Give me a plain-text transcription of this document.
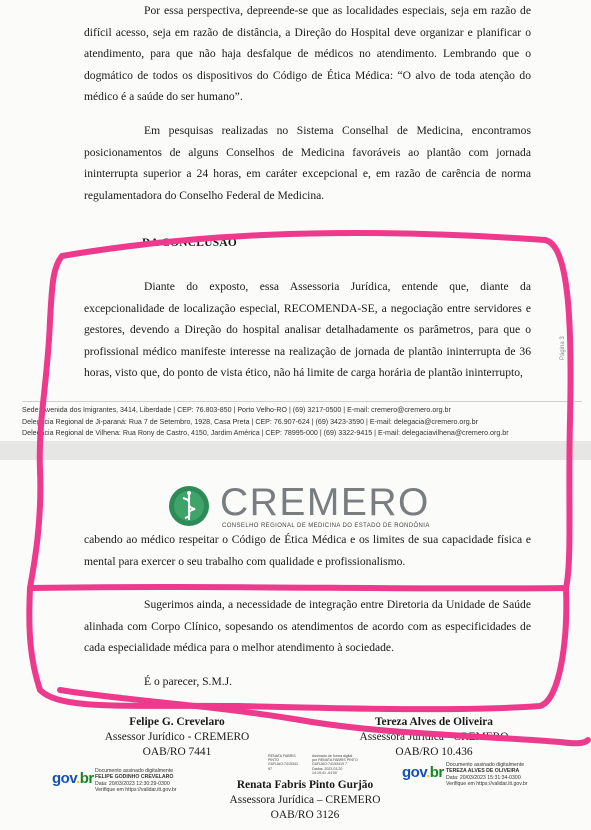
Por essa perspectiva, depreende-se que as localidades especiais, seja em razão de difícil acesso, seja em razão de distância, a Direção do Hospital deve organizar e planificar o atendimento, para que não haja desfalque de médicos no atendimento. Lembrando que o dogmático de todos os dispositivos do Código de Ética Médica: “O alvo de toda atenção do médico é a saúde do ser humano”.

Em pesquisas realizadas no Sistema Conselhal de Medicina, encontramos posicionamentos de alguns Conselhos de Medicina favoráveis ao plantão com jornada ininterrupta superior a 24 horas, em caráter excepcional e, em razão de carência de norma regulamentadora do Conselho Federal de Medicina.

DA CONCLUSÃO

Diante do exposto, essa Assessoria Jurídica, entende que, diante da excepcionalidade de localização especial, RECOMENDA-SE, a negociação entre servidores e gestores, devendo a Direção do hospital analisar detalhadamente os parâmetros, para que o profissional médico manifeste interesse na realização de jornada de plantão ininterrupta de 36 horas, visto que, do ponto de vista ético, não há limite de carga horária de plantão ininterrupto,

Página 3
Sede: Avenida dos Imigrantes, 3414, Liberdade | CEP: 76.803-850 | Porto Velho-RO | (69) 3217-0500 | E-mail: cremero@cremero.org.br
Delegacia Regional de Ji-paraná: Rua 7 de Setembro, 1928, Casa Preta | CEP: 76.907-624 | (69) 3423-3590 | E-mail: delegacia@cremero.org.br
Delegacia Regional de Vilhena: Rua Rony de Castro, 4150, Jardim América | CEP: 78995-000 | (69) 3322-9415 | E-mail: delegaciavilhena@cremero.org.br
CREMERO
CONSELHO REGIONAL DE MEDICINA DO ESTADO DE RONDÔNIA

cabendo ao médico respeitar o Código de Ética Médica e os limites de sua capacidade física e mental para exercer o seu trabalho com qualidade e profissionalismo.

Sugerimos ainda, a necessidade de integração entre Diretoria da Unidade de Saúde alinhada com Corpo Clínico, sopesando os atendimentos de acordo com as especificidades de cada especialidade médica para o melhor atendimento à sociedade.

É o parecer, S.M.J.
Felipe G. Crevelaro
Assessor Jurídico - CREMERO
OAB/RO 7441
Tereza Alves de Oliveira
Assessora Jurídica - CREMERO
OAB/RO 10.436
Renata Fabris Pinto Gurjão
Assessora Jurídica – CREMERO
OAB/RO 3126
gov.br Documento assinado digitalmente
FELIPE GODINHO CREVELARO
Data: 20/03/2023 12:30:29-0300
Verifique em https://validar.iti.gov.br
gov.br Documento assinado digitalmente
TEREZA ALVES DE OLIVEIRA
Data: 20/03/2023 15:31:34-0300
Verifique em https://validar.iti.gov.br
RENATA FABRIS
PINTO
GURJAO:7415341
97
Assinado de forma digital
por RENATA FABRIS PINTO
GURJAO:74153419 7
Dados: 2023.03.20
14:19:41 -04'00'
